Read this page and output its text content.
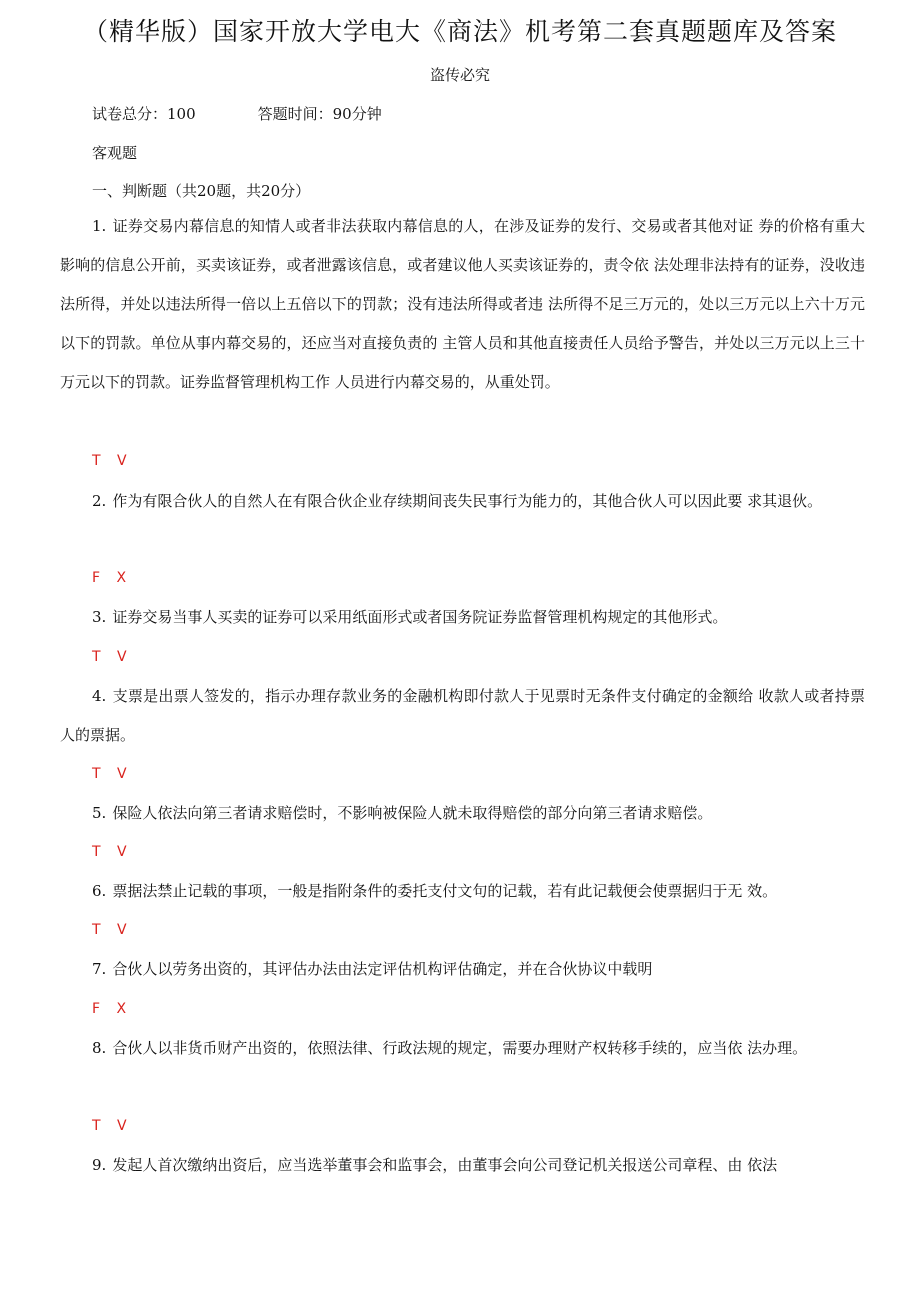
（精华版）国家开放大学电大《商法》机考第二套真题题库及答案
盗传必究
试卷总分：100	答题时间：90分钟
客观题
一、判断题（共20题，共20分）
1. 证券交易内幕信息的知情人或者非法获取内幕信息的人，在涉及证券的发行、交易或者其他对证 券的价格有重大影响的信息公开前，买卖该证券，或者泄露该信息，或者建议他人买卖该证券的，责令依 法处理非法持有的证券，没收违法所得，并处以违法所得一倍以上五倍以下的罚款；没有违法所得或者违 法所得不足三万元的，处以三万元以上六十万元以下的罚款。单位从事内幕交易的，还应当对直接负责的 主管人员和其他直接责任人员给予警告，并处以三万元以上三十万元以下的罚款。证券监督管理机构工作 人员进行内幕交易的，从重处罚。
T V
2. 作为有限合伙人的自然人在有限合伙企业存续期间丧失民事行为能力的，其他合伙人可以因此要 求其退伙。
F X
3. 证券交易当事人买卖的证券可以采用纸面形式或者国务院证券监督管理机构规定的其他形式。
T V
4. 支票是出票人签发的，指示办理存款业务的金融机构即付款人于见票时无条件支付确定的金额给 收款人或者持票人的票据。
T V
5. 保险人依法向第三者请求赔偿时，不影响被保险人就未取得赔偿的部分向第三者请求赔偿。
T V
6. 票据法禁止记载的事项，一般是指附条件的委托支付文句的记载，若有此记载便会使票据归于无 效。
T V
7. 合伙人以劳务出资的，其评估办法由法定评估机构评估确定，并在合伙协议中载明
F X
8. 合伙人以非货币财产出资的，依照法律、行政法规的规定，需要办理财产权转移手续的，应当依 法办理。
T V
9. 发起人首次缴纳出资后，应当选举董事会和监事会，由董事会向公司登记机关报送公司章程、由 依法
